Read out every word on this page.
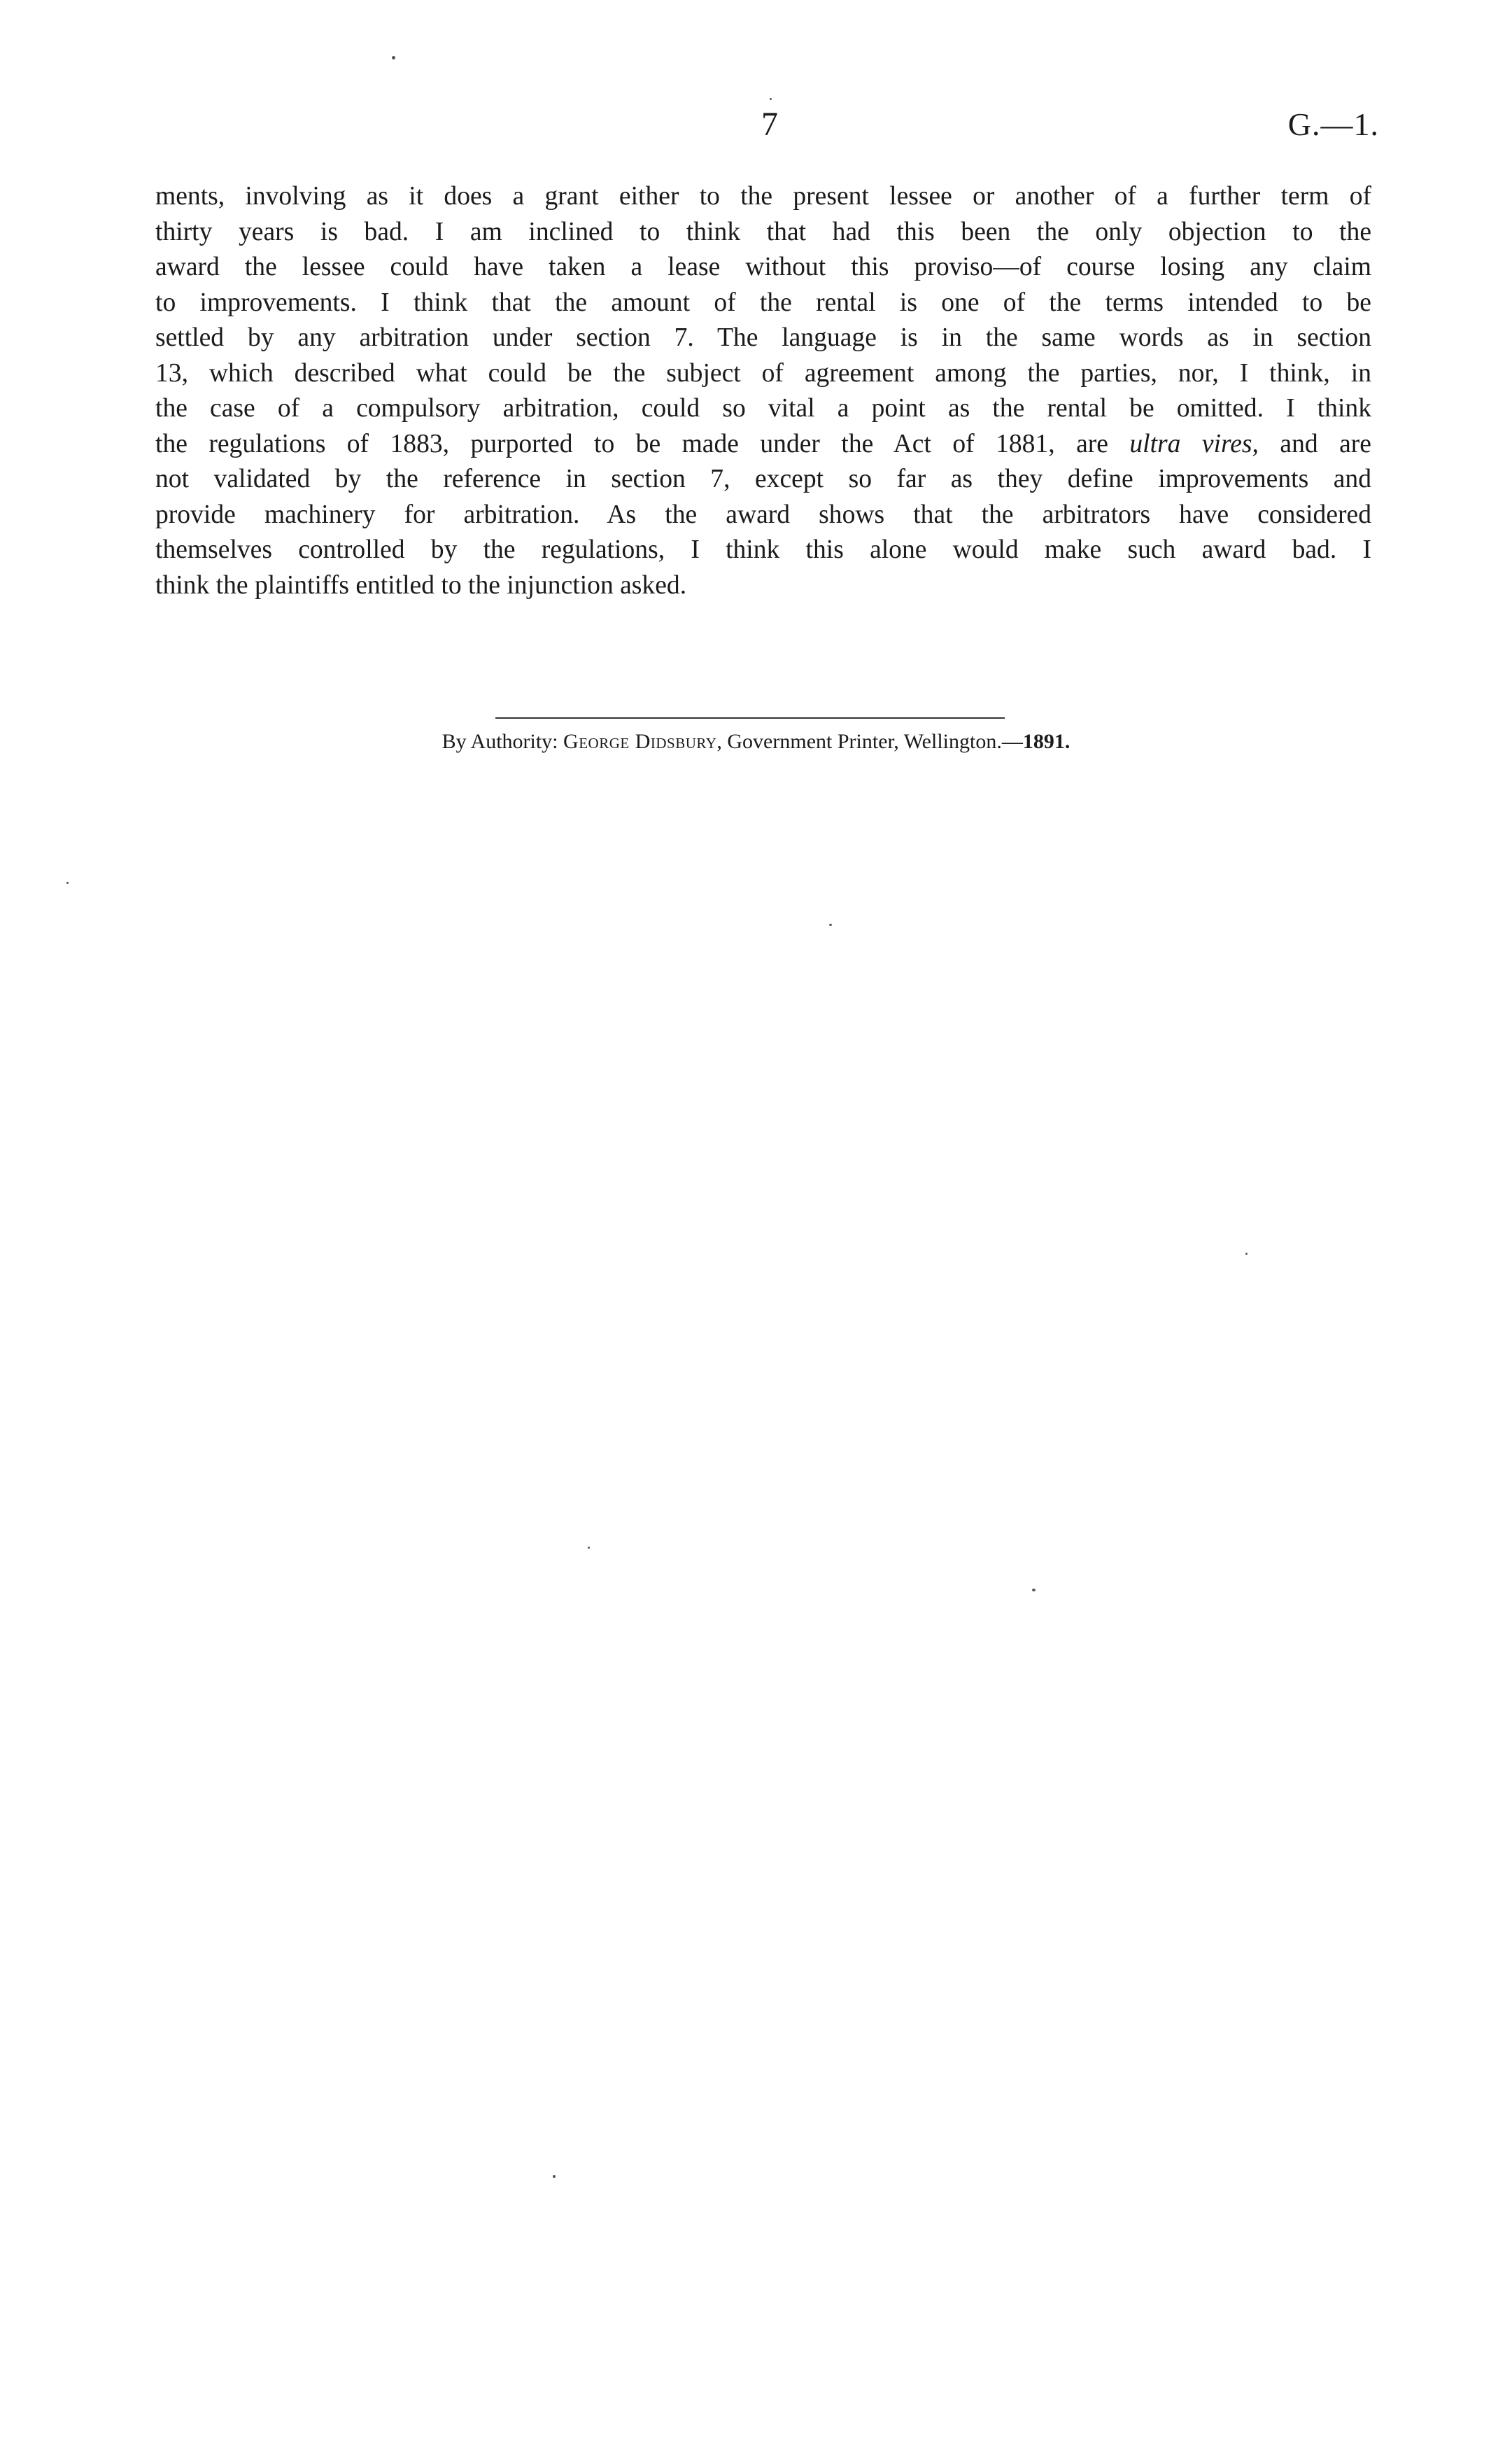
7	G.—1.

ments, involving as it does a grant either to the present lessee or another of a further term of
thirty years is bad. I am inclined to think that had this been the only objection to the
award the lessee could have taken a lease without this proviso—of course losing any claim
to improvements. I think that the amount of the rental is one of the terms intended to be
settled by any arbitration under section 7. The language is in the same words as in section
13, which described what could be the subject of agreement among the parties, nor, I think, in
the case of a compulsory arbitration, could so vital a point as the rental be omitted. I think
the regulations of 1883, purported to be made under the Act of 1881, are ultra vires, and are
not validated by the reference in section 7, except so far as they define improvements and
provide machinery for arbitration. As the award shows that the arbitrators have considered
themselves controlled by the regulations, I think this alone would make such award bad. I
think the plaintiffs entitled to the injunction asked.

By Authority: George Didsbury, Government Printer, Wellington.—1891.
